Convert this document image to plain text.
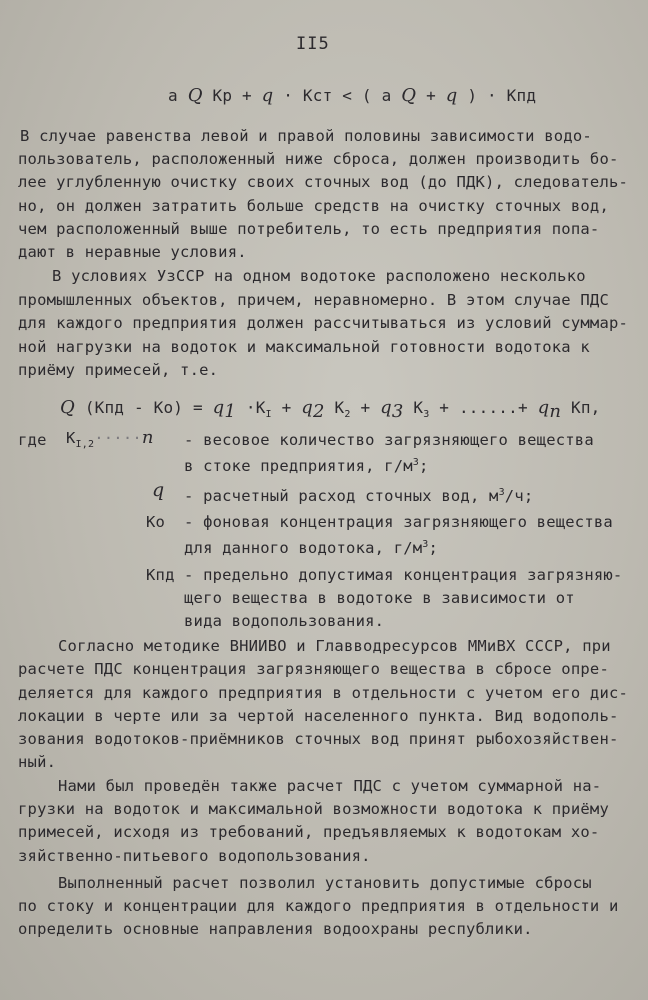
II5
a Q Кр + q · Кст < ( a Q + q ) · Кпд
В случае равенства левой и правой половины зависимости водо-
пользователь, расположенный ниже сброса, должен производить бо-
лее углубленную очистку своих сточных вод (до ПДК), следователь-
но, он должен затратить больше средств на очистку сточных вод,
чем расположенный выше потребитель, то есть предприятия попа-
дают в неравные условия.
В условиях УзССР на одном водотоке расположено несколько
промышленных объектов, причем, неравномерно. В этом случае ПДС
для каждого предприятия должен рассчитываться из условий суммар-
ной нагрузки на водоток и максимальной готовности водотока к
приёму примесей, т.е.
Q $(Кпд - Ко) = q_1 \cdot K_I + q_2$ $K_2 + q_3$ $K_3$ + ......+ $q_n$ Кп,
где $K_{I,2}\cdot\cdot\cdot\cdot\cdot n$ - весовое количество загрязняющего вещества
в стоке предприятия, $г/м^3$;
q - расчетный расход сточных вод, $м^3/ч$;
Ко - фоновая концентрация загрязняющего вещества
для данного водотока, $г/м^3$;
Кпд - предельно допустимая концентрация загрязняю-
щего вещества в водотоке в зависимости от
вида водопользования.
Согласно методике ВНИИВО и Главводресурсов ММиВХ СССР, при
расчете ПДС концентрация загрязняющего вещества в сбросе опре-
деляется для каждого предприятия в отдельности с учетом его дис-
локации в черте или за чертой населенного пункта. Вид водополь-
зования водотоков-приёмников сточных вод принят рыбохозяйствен-
ный.
Нами был проведён также расчет ПДС с учетом суммарной на-
грузки на водоток и максимальной возможности водотока к приёму
примесей, исходя из требований, предъявляемых к водотокам хо-
зяйственно-питьевого водопользования.
Выполненный расчет позволил установить допустимые сбросы
по стоку и концентрации для каждого предприятия в отдельности и
определить основные направления водоохраны республики.
